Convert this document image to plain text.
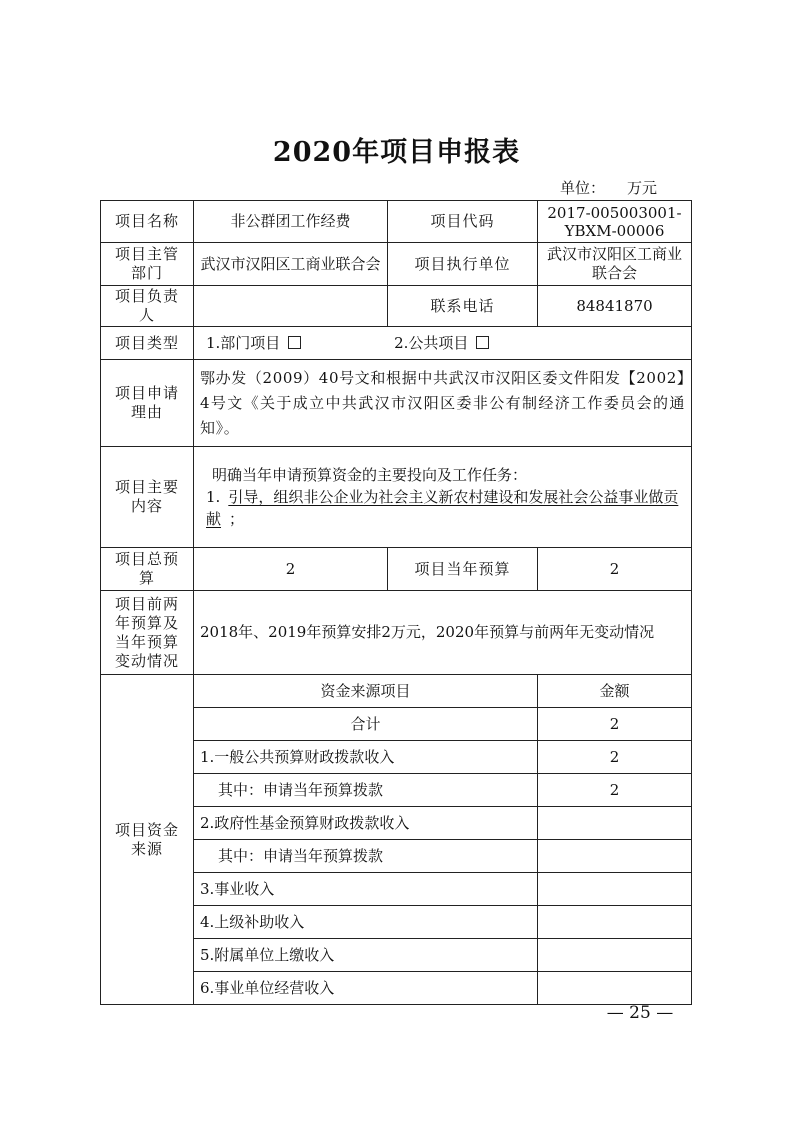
2020年项目申报表
单位： 万元
项目名称	非公群团工作经费	项目代码	2017-005003001-YBXM-00006
项目主管部门	武汉市汉阳区工商业联合会	项目执行单位	武汉市汉阳区工商业联合会
项目负责人		联系电话	84841870
项目类型	1.部门项目 2.公共项目		
项目申请理由	鄂办发（2009）40号文和根据中共武汉市汉阳区委文件阳发【2002】4号文《关于成立中共武汉市汉阳区委非公有制经济工作委员会的通知》。		
项目主要内容	明确当年申请预算资金的主要投向及工作任务：
1. 引导，组织非公企业为社会主义新农村建设和发展社会公益事业做贡献 ；		

项目总预算	2	项目当年预算	2
项目前两年预算及当年预算变动情况	2018年、2019年预算安排2万元，2020年预算与前两年无变动情况		
项目资金来源	资金来源项目		金额
	合计		2
	1.一般公共预算财政拨款收入		2
	其中：申请当年预算拨款		2
	2.政府性基金预算财政拨款收入		
	其中：申请当年预算拨款		
	3.事业收入		
	4.上级补助收入		
	5.附属单位上缴收入		
	6.事业单位经营收入		
— 25 —
